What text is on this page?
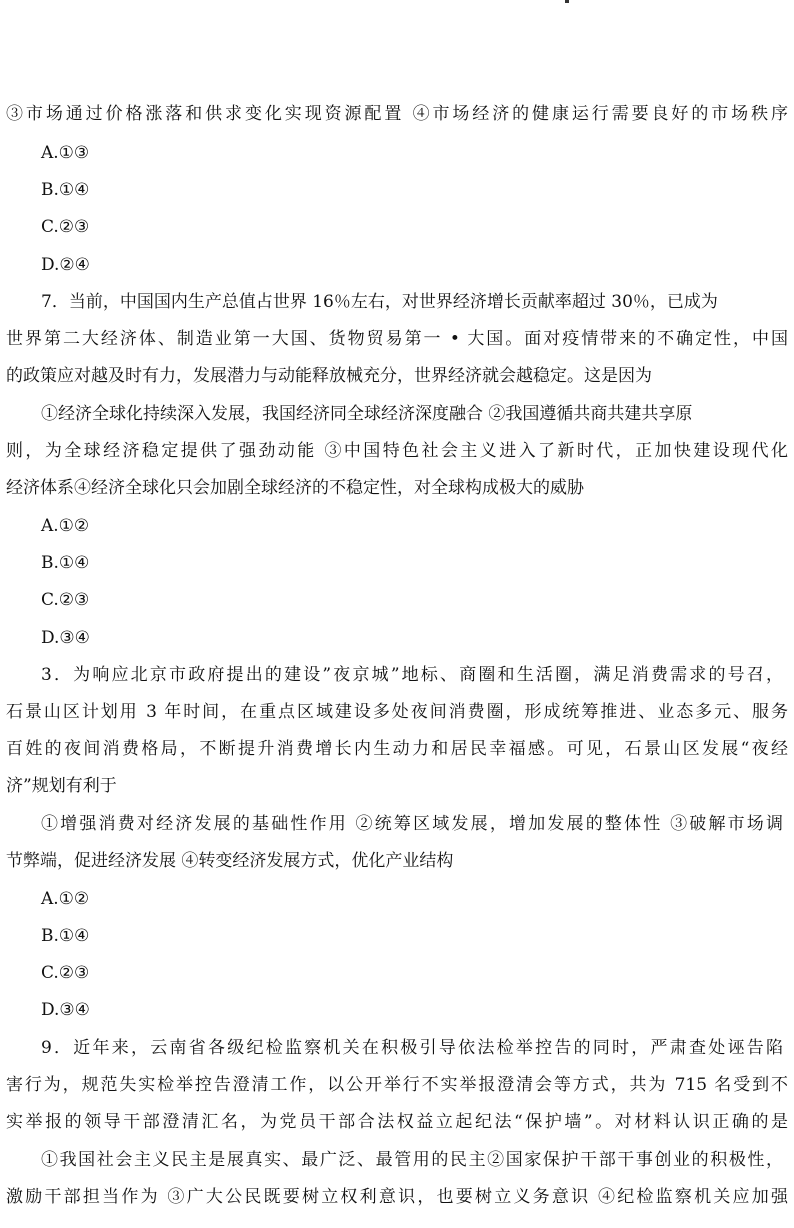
③市场通过价格涨落和供求变化实现资源配置 ④市场经济的健康运行需要良好的市场秩序
A.①③
B.①④
C.②③
D.②④
7．当前，中国国内生产总值占世界 16％左右，对世界经济增长贡献率超过 30％，已成为
世界第二大经济体、制造业第一大国、货物贸易第一 • 大国。面对疫情带来的不确定性，中国
的政策应对越及时有力，发展潜力与动能释放械充分，世界经济就会越稳定。这是因为
①经济全球化持续深入发展，我国经济同全球经济深度融合 ②我国遵循共商共建共享原
则，为全球经济稳定提供了强劲动能 ③中国特色社会主义进入了新时代，正加快建设现代化
经济体系④经济全球化只会加剧全球经济的不稳定性，对全球构成极大的威胁
A.①②
B.①④
C.②③
D.③④
3．为响应北京市政府提出的建设”夜京城”地标、商圈和生活圈，满足消费需求的号召，
石景山区计划用 3 年时间，在重点区域建设多处夜间消费圈，形成统筹推进、业态多元、服务
百姓的夜间消费格局，不断提升消费增长内生动力和居民幸福感。可见，石景山区发展“夜经
济”规划有利于
①增强消费对经济发展的基础性作用 ②统筹区域发展，增加发展的整体性 ③破解市场调
节弊端，促进经济发展 ④转变经济发展方式，优化产业结构
A.①②
B.①④
C.②③
D.③④
9．近年来，云南省各级纪检监察机关在积极引导依法检举控告的同时，严肃查处诬告陷
害行为，规范失实检举控告澄清工作，以公开举行不实举报澄清会等方式，共为 715 名受到不
实举报的领导干部澄清汇名，为党员干部合法权益立起纪法“保护墙”。对材料认识正确的是
①我国社会主义民主是展真实、最广泛、最管用的民主②国家保护干部干事创业的积极性，
激励干部担当作为 ③广大公民既要树立权利意识，也要树立义务意识 ④纪检监察机关应加强
